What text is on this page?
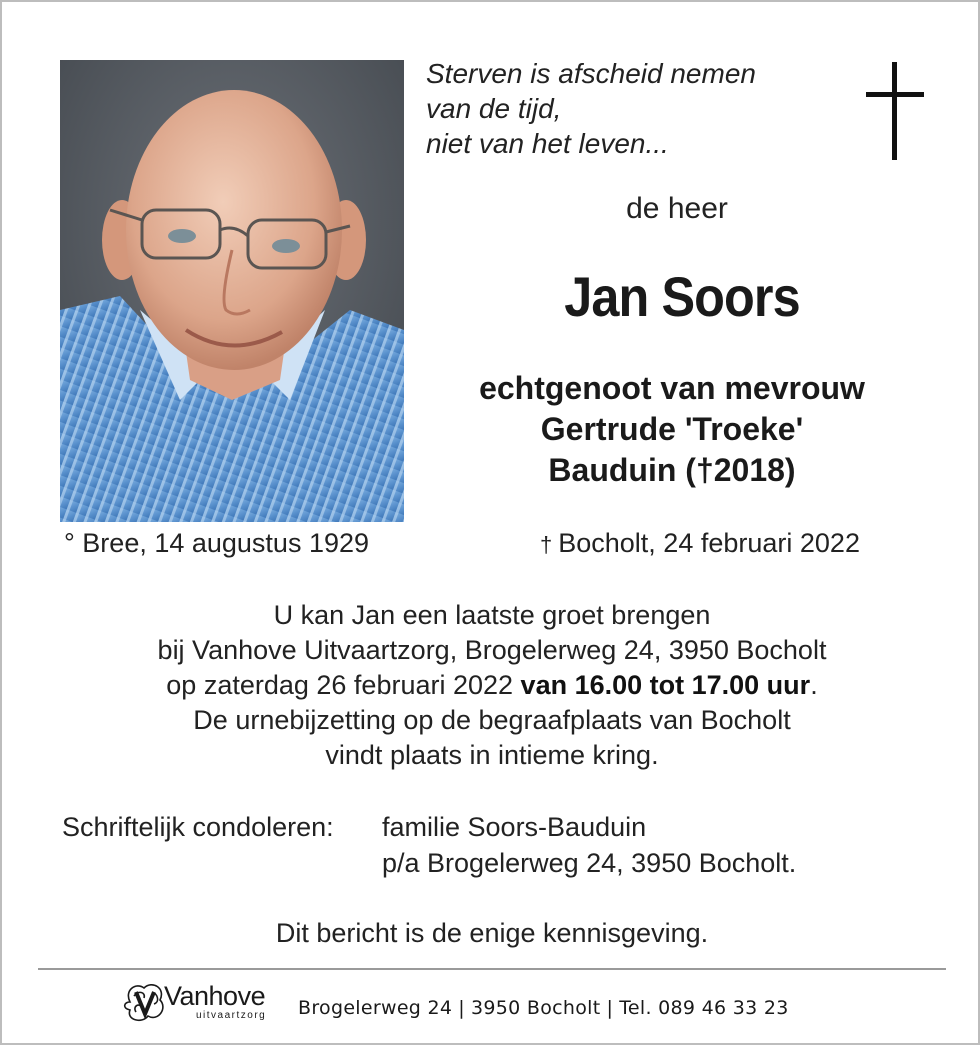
Sterven is afscheid nemen
van de tijd,
niet van het leven...
de heer
Jan Soors
echtgenoot van mevrouw
Gertrude 'Troeke'
Bauduin (†2018)
° Bree, 14 augustus 1929	† Bocholt, 24 februari 2022
U kan Jan een laatste groet brengen
bij Vanhove Uitvaartzorg, Brogelerweg 24, 3950 Bocholt
op zaterdag 26 februari 2022 van 16.00 tot 17.00 uur.
De urnebijzetting op de begraafplaats van Bocholt
vindt plaats in intieme kring.
Schriftelijk condoleren: familie Soors-Bauduin
p/a Brogelerweg 24, 3950 Bocholt.
Dit bericht is de enige kennisgeving.
Vanhove
uitvaartzorg Brogelerweg 24 | 3950 Bocholt | Tel. 089 46 33 23
